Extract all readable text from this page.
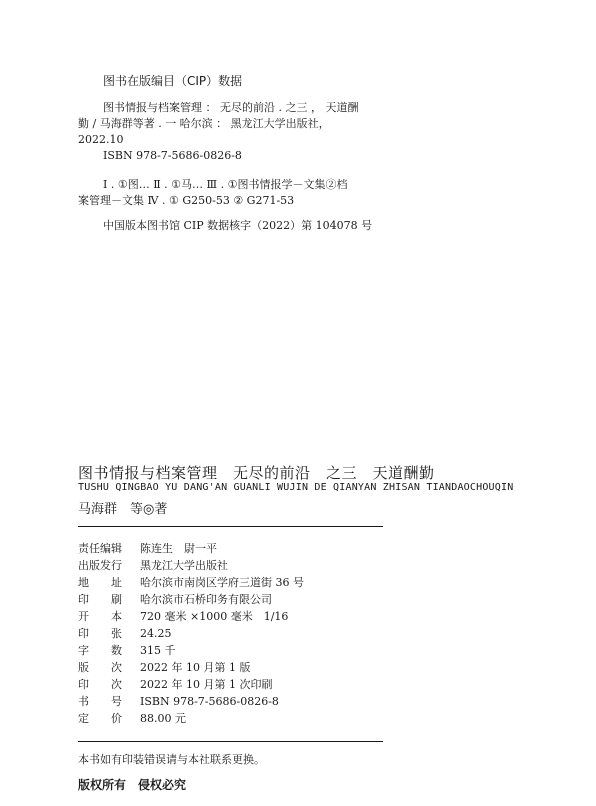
图书在版编目（CIP）数据
图书情报与档案管理 ： 无尽的前沿 . 之三 ， 天道酬
勤 / 马海群等著 . 一 哈尔滨 ： 黑龙江大学出版社，
2022.10
ISBN 978-7-5686-0826-8
Ⅰ . ①图… Ⅱ . ①马… Ⅲ . ①图书情报学－文集②档
案管理－文集 Ⅳ . ① G250-53 ② G271-53
中国版本图书馆 CIP 数据核字（2022）第 104078 号
图书情报与档案管理　无尽的前沿　之三　天道酬勤
TUSHU QINGBAO YU DANG'AN GUANLI WUJIN DE QIANYAN ZHISAN TIANDAOCHOUQIN
马海群　等◎著
责任编辑 陈连生　尉一平
出版发行 黑龙江大学出版社
地　　址 哈尔滨市南岗区学府三道街 36 号
印　　刷 哈尔滨市石桥印务有限公司
开　　本 720 毫米 ×1000 毫米　1/16
印　　张 24.25
字　　数 315 千
版　　次 2022 年 10 月第 1 版
印　　次 2022 年 10 月第 1 次印刷
书　　号 ISBN 978-7-5686-0826-8
定　　价 88.00 元
本书如有印装错误请与本社联系更换。
版权所有　侵权必究
